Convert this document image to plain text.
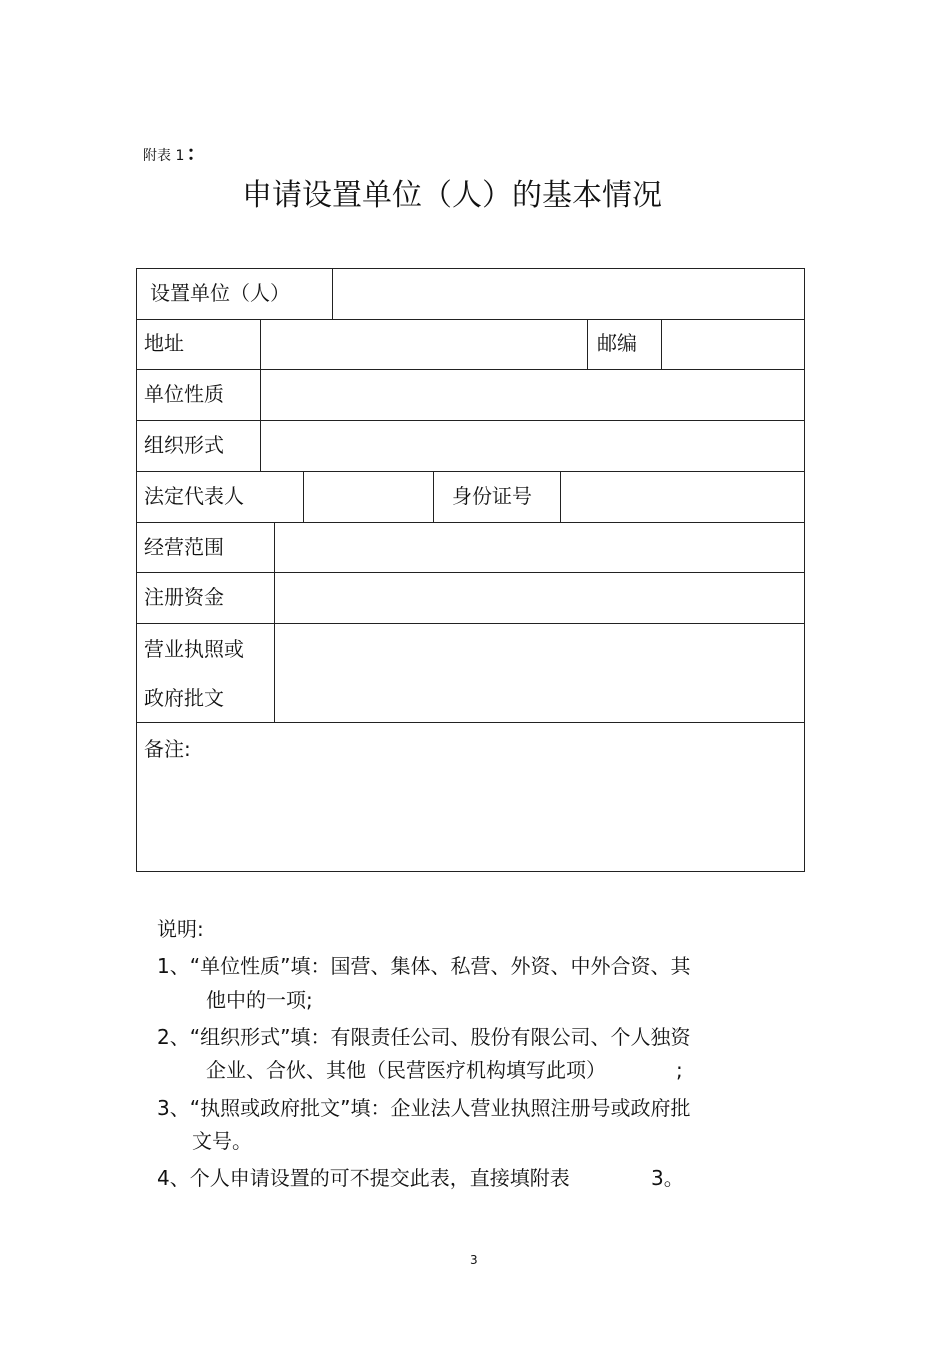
附表 1 ：
申请设置单位（人）的基本情况
设置单位（人）
地址	邮编
单位性质
组织形式
法定代表人	身份证号
经营范围
注册资金
营业执照或
政府批文
备注:
说明:
1、“单位性质”填：国营、集体、私营、外资、中外合资、其
他中的一项;
2、“组织形式”填：有限责任公司、股份有限公司、个人独资
企业、合伙、其他（民营医疗机构填写此项）	;
3、“执照或政府批文”填：企业法人营业执照注册号或政府批
文号。
4、个人申请设置的可不提交此表，直接填附表	3。
3
